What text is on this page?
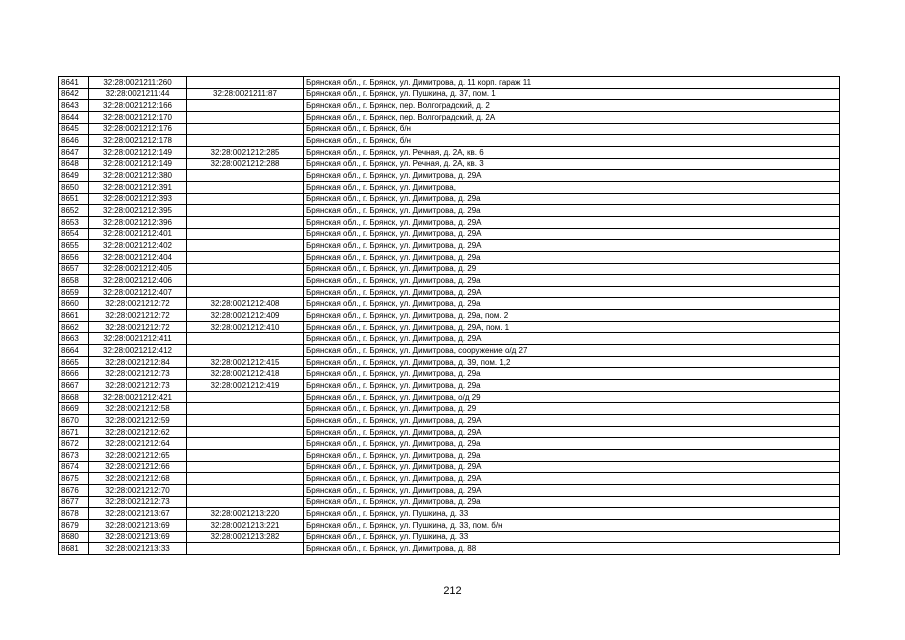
8641	32:28:0021211:260		Брянская обл., г. Брянск, ул. Димитрова, д. 11 корп. гараж 11
8642	32:28:0021211:44	32:28:0021211:87	Брянская обл., г. Брянск, ул. Пушкина, д. 37, пом. 1
8643	32:28:0021212:166		Брянская обл., г. Брянск, пер. Волгоградский, д. 2
8644	32:28:0021212:170		Брянская обл., г. Брянск, пер. Волгоградский, д. 2А
8645	32:28:0021212:176		Брянская обл., г. Брянск, б/н
8646	32:28:0021212:178		Брянская обл., г. Брянск, б/н
8647	32:28:0021212:149	32:28:0021212:285	Брянская обл., г. Брянск, ул. Речная, д. 2А, кв. 6
8648	32:28:0021212:149	32:28:0021212:288	Брянская обл., г. Брянск, ул. Речная, д. 2А, кв. 3
8649	32:28:0021212:380		Брянская обл., г. Брянск, ул. Димитрова, д. 29А
8650	32:28:0021212:391		Брянская обл., г. Брянск, ул. Димитрова,
8651	32:28:0021212:393		Брянская обл., г. Брянск, ул. Димитрова, д. 29а
8652	32:28:0021212:395		Брянская обл., г. Брянск, ул. Димитрова, д. 29а
8653	32:28:0021212:396		Брянская обл., г. Брянск, ул. Димитрова, д. 29А
8654	32:28:0021212:401		Брянская обл., г. Брянск, ул. Димитрова, д. 29А
8655	32:28:0021212:402		Брянская обл., г. Брянск, ул. Димитрова, д. 29А
8656	32:28:0021212:404		Брянская обл., г. Брянск, ул. Димитрова, д. 29а
8657	32:28:0021212:405		Брянская обл., г. Брянск, ул. Димитрова, д. 29
8658	32:28:0021212:406		Брянская обл., г. Брянск, ул. Димитрова, д. 29а
8659	32:28:0021212:407		Брянская обл., г. Брянск, ул. Димитрова, д. 29А
8660	32:28:0021212:72	32:28:0021212:408	Брянская обл., г. Брянск, ул. Димитрова, д. 29а
8661	32:28:0021212:72	32:28:0021212:409	Брянская обл., г. Брянск, ул. Димитрова, д. 29а, пом. 2
8662	32:28:0021212:72	32:28:0021212:410	Брянская обл., г. Брянск, ул. Димитрова, д. 29А, пом. 1
8663	32:28:0021212:411		Брянская обл., г. Брянск, ул. Димитрова, д. 29А
8664	32:28:0021212:412		Брянская обл., г. Брянск, ул. Димитрова, сооружение о/д 27
8665	32:28:0021212:84	32:28:0021212:415	Брянская обл., г. Брянск, ул. Димитрова, д. 39, пом. 1,2
8666	32:28:0021212:73	32:28:0021212:418	Брянская обл., г. Брянск, ул. Димитрова, д. 29а
8667	32:28:0021212:73	32:28:0021212:419	Брянская обл., г. Брянск, ул. Димитрова, д. 29а
8668	32:28:0021212:421		Брянская обл., г. Брянск, ул. Димитрова, о/д 29
8669	32:28:0021212:58		Брянская обл., г. Брянск, ул. Димитрова, д. 29
8670	32:28:0021212:59		Брянская обл., г. Брянск, ул. Димитрова, д. 29А
8671	32:28:0021212:62		Брянская обл., г. Брянск, ул. Димитрова, д. 29А
8672	32:28:0021212:64		Брянская обл., г. Брянск, ул. Димитрова, д. 29а
8673	32:28:0021212:65		Брянская обл., г. Брянск, ул. Димитрова, д. 29а
8674	32:28:0021212:66		Брянская обл., г. Брянск, ул. Димитрова, д. 29А
8675	32:28:0021212:68		Брянская обл., г. Брянск, ул. Димитрова, д. 29А
8676	32:28:0021212:70		Брянская обл., г. Брянск, ул. Димитрова, д. 29А
8677	32:28:0021212:73		Брянская обл., г. Брянск, ул. Димитрова, д. 29а
8678	32:28:0021213:67	32:28:0021213:220	Брянская обл., г. Брянск, ул. Пушкина, д. 33
8679	32:28:0021213:69	32:28:0021213:221	Брянская обл., г. Брянск, ул. Пушкина, д. 33, пом. б/н
8680	32:28:0021213:69	32:28:0021213:282	Брянская обл., г. Брянск, ул. Пушкина, д. 33
8681	32:28:0021213:33		Брянская обл., г. Брянск, ул. Димитрова, д. 88
212
